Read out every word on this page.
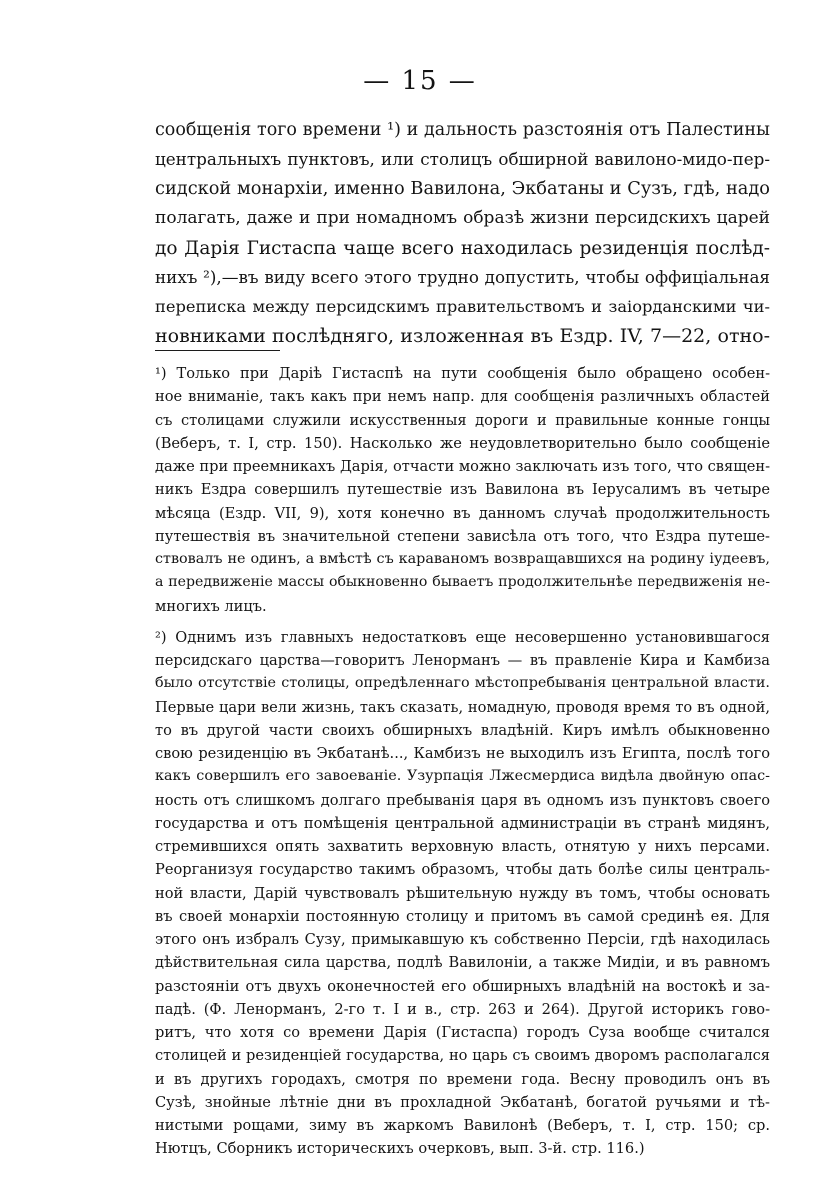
— 15 —
сообщенія того времени ¹) и дальность разстоянія отъ Палестины
центральныхъ пунктовъ, или столицъ обширной вавилоно-мидо-пер-
сидской монархіи, именно Вавилона, Экбатаны и Сузъ, гдѣ, надо
полагать, даже и при номадномъ образѣ жизни персидскихъ царей
до Дарія Гистаспа чаще всего находилась резиденція послѣд-
нихъ ²),—въ виду всего этого трудно допустить, чтобы оффиціальная
переписка между персидскимъ правительствомъ и заіорданскими чи-
новниками послѣдняго, изложенная въ Ездр. IV, 7—22, отно-
¹) Только при Даріѣ Гистаспѣ на пути сообщенія было обращено особен-
ное вниманіе, такъ какъ при немъ напр. для сообщенія различныхъ областей
съ столицами служили искусственныя дороги и правильные конные гонцы
(Веберъ, т. I, стр. 150). Насколько же неудовлетворительно было сообщеніе
даже при преемникахъ Дарія, отчасти можно заключать изъ того, что священ-
никъ Ездра совершилъ путешествіе изъ Вавилона въ Іерусалимъ въ четыре
мѣсяца (Ездр. VII, 9), хотя конечно въ данномъ случаѣ продолжительность
путешествія въ значительной степени зависѣла отъ того, что Ездра путеше-
ствовалъ не одинъ, а вмѣстѣ съ караваномъ возвращавшихся на родину іудеевъ,
а передвиженіе массы обыкновенно бываетъ продолжительнѣе передвиженія не-
многихъ лицъ.
²) Однимъ изъ главныхъ недостатковъ еще несовершенно установившагося
персидскаго царства—говоритъ Ленорманъ — въ правленіе Кира и Камбиза
было отсутствіе столицы, опредѣленнаго мѣстопребыванія центральной власти.
Первые цари вели жизнь, такъ сказать, номадную, проводя время то въ одной,
то въ другой части своихъ обширныхъ владѣній. Киръ имѣлъ обыкновенно
свою резиденцію въ Экбатанѣ..., Камбизъ не выходилъ изъ Египта, послѣ того
какъ совершилъ его завоеваніе. Узурпація Лжесмердиса видѣла двойную опас-
ность отъ слишкомъ долгаго пребыванія царя въ одномъ изъ пунктовъ своего
государства и отъ помѣщенія центральной администраціи въ странѣ мидянъ,
стремившихся опять захватить верховную власть, отнятую у нихъ персами.
Реорганизуя государство такимъ образомъ, чтобы дать болѣе силы централь-
ной власти, Дарій чувствовалъ рѣшительную нужду въ томъ, чтобы основать
въ своей монархіи постоянную столицу и притомъ въ самой срединѣ ея. Для
этого онъ избралъ Сузу, примыкавшую къ собственно Персіи, гдѣ находилась
дѣйствительная сила царства, подлѣ Вавилоніи, а также Мидіи, и въ равномъ
разстояніи отъ двухъ оконечностей его обширныхъ владѣній на востокѣ и за-
падѣ. (Ф. Ленорманъ, 2-го т. I и в., стр. 263 и 264). Другой историкъ гово-
ритъ, что хотя со времени Дарія (Гистаспа) городъ Суза вообще считался
столицей и резиденціей государства, но царь съ своимъ дворомъ располагался
и въ другихъ городахъ, смотря по времени года. Весну проводилъ онъ въ
Сузѣ, знойные лѣтніе дни въ прохладной Экбатанѣ, богатой ручьями и тѣ-
нистыми рощами, зиму въ жаркомъ Вавилонѣ (Веберъ, т. I, стр. 150; ср.
Нютцъ, Сборникъ историческихъ очерковъ, вып. 3-й. стр. 116.)
